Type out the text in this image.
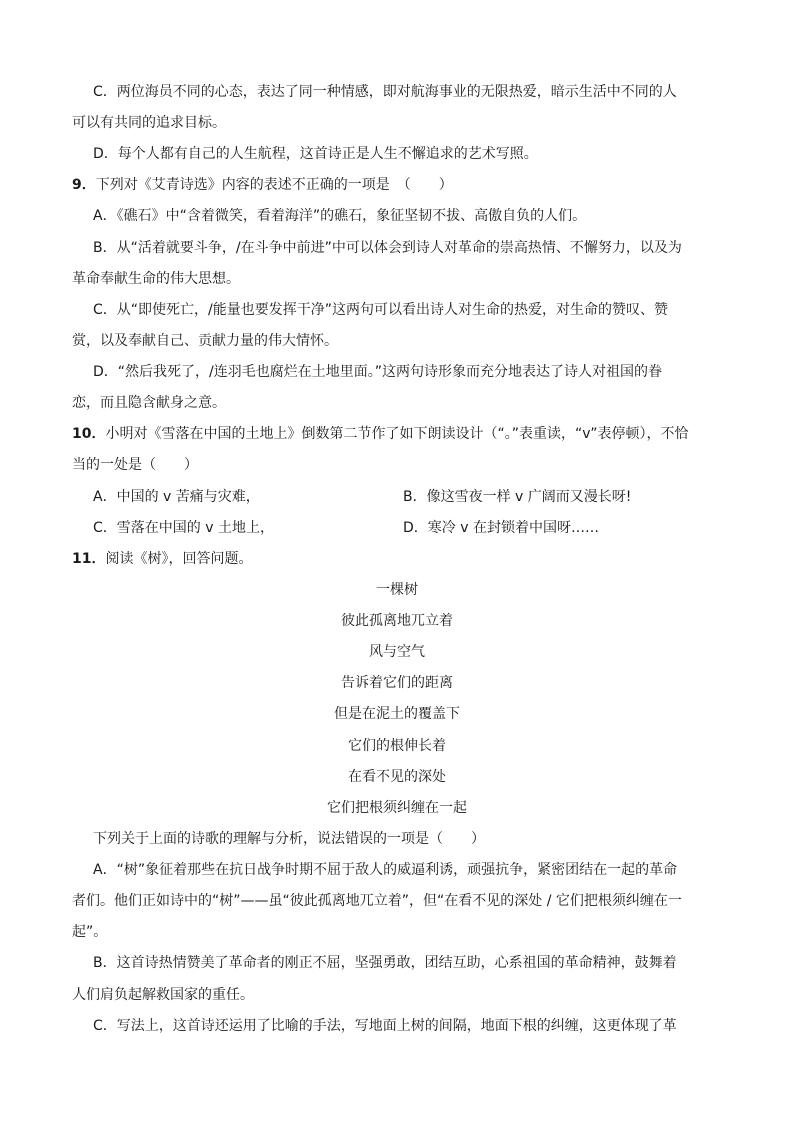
C．两位海员不同的心态，表达了同一种情感，即对航海事业的无限热爱，暗示生活中不同的人
可以有共同的追求目标。
D．每个人都有自己的人生航程，这首诗正是人生不懈追求的艺术写照。
9．下列对《艾青诗选》内容的表述不正确的一项是　（　　）
A．《礁石》中“含着微笑，看着海洋”的礁石，象征坚韧不拔、高傲自负的人们。
B．从“活着就要斗争，/在斗争中前进”中可以体会到诗人对革命的崇高热情、不懈努力，以及为
革命奉献生命的伟大思想。
C．从“即使死亡，/能量也要发挥干净”这两句可以看出诗人对生命的热爱，对生命的赞叹、赞
赏，以及奉献自己、贡献力量的伟大情怀。
D．“然后我死了，/连羽毛也腐烂在土地里面。”这两句诗形象而充分地表达了诗人对祖国的眷
恋，而且隐含献身之意。
10．小明对《雪落在中国的土地上》倒数第二节作了如下朗读设计（“。”表重读，“v”表停顿），不恰
当的一处是（　　）
A．中国的 v 苦痛与灾难，	B．像这雪夜一样 v 广阔而又漫长呀!
C．雪落在中国的 v 土地上，	D．寒冷 v 在封锁着中国呀……
11．阅读《树》，回答问题。
一棵树
彼此孤离地兀立着
风与空气
告诉着它们的距离
但是在泥土的覆盖下
它们的根伸长着
在看不见的深处
它们把根须纠缠在一起
下列关于上面的诗歌的理解与分析，说法错误的一项是（　　）
A．“树”象征着那些在抗日战争时期不屈于敌人的威逼利诱，顽强抗争，紧密团结在一起的革命
者们。他们正如诗中的“树”——虽“彼此孤离地兀立着”，但“在看不见的深处 / 它们把根须纠缠在一
起”。
B．这首诗热情赞美了革命者的刚正不屈，坚强勇敢，团结互助，心系祖国的革命精神，鼓舞着
人们肩负起解救国家的重任。
C．写法上，这首诗还运用了比喻的手法，写地面上树的间隔，地面下根的纠缠，这更体现了革
